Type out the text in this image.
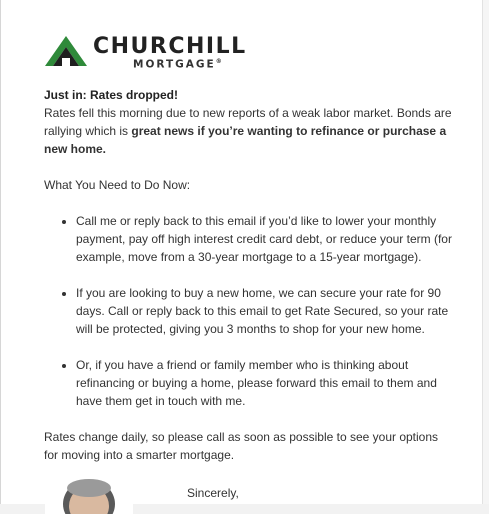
CHURCHILL
MORTGAGE®

Just in: Rates dropped!

Rates fell this morning due to new reports of a weak labor market. Bonds are rallying which is great news if you’re wanting to refinance or purchase a new home.

What You Need to Do Now:

• Call me or reply back to this email if you’d like to lower your monthly payment, pay off high interest credit card debt, or reduce your term (for example, move from a 30-year mortgage to a 15-year mortgage).
• If you are looking to buy a new home, we can secure your rate for 90 days. Call or reply back to this email to get Rate Secured, so your rate will be protected, giving you 3 months to shop for your new home.
• Or, if you have a friend or family member who is thinking about refinancing or buying a home, please forward this email to them and have them get in touch with me.

Rates change daily, so please call as soon as possible to see your options for moving into a smarter mortgage.

Sincerely,
